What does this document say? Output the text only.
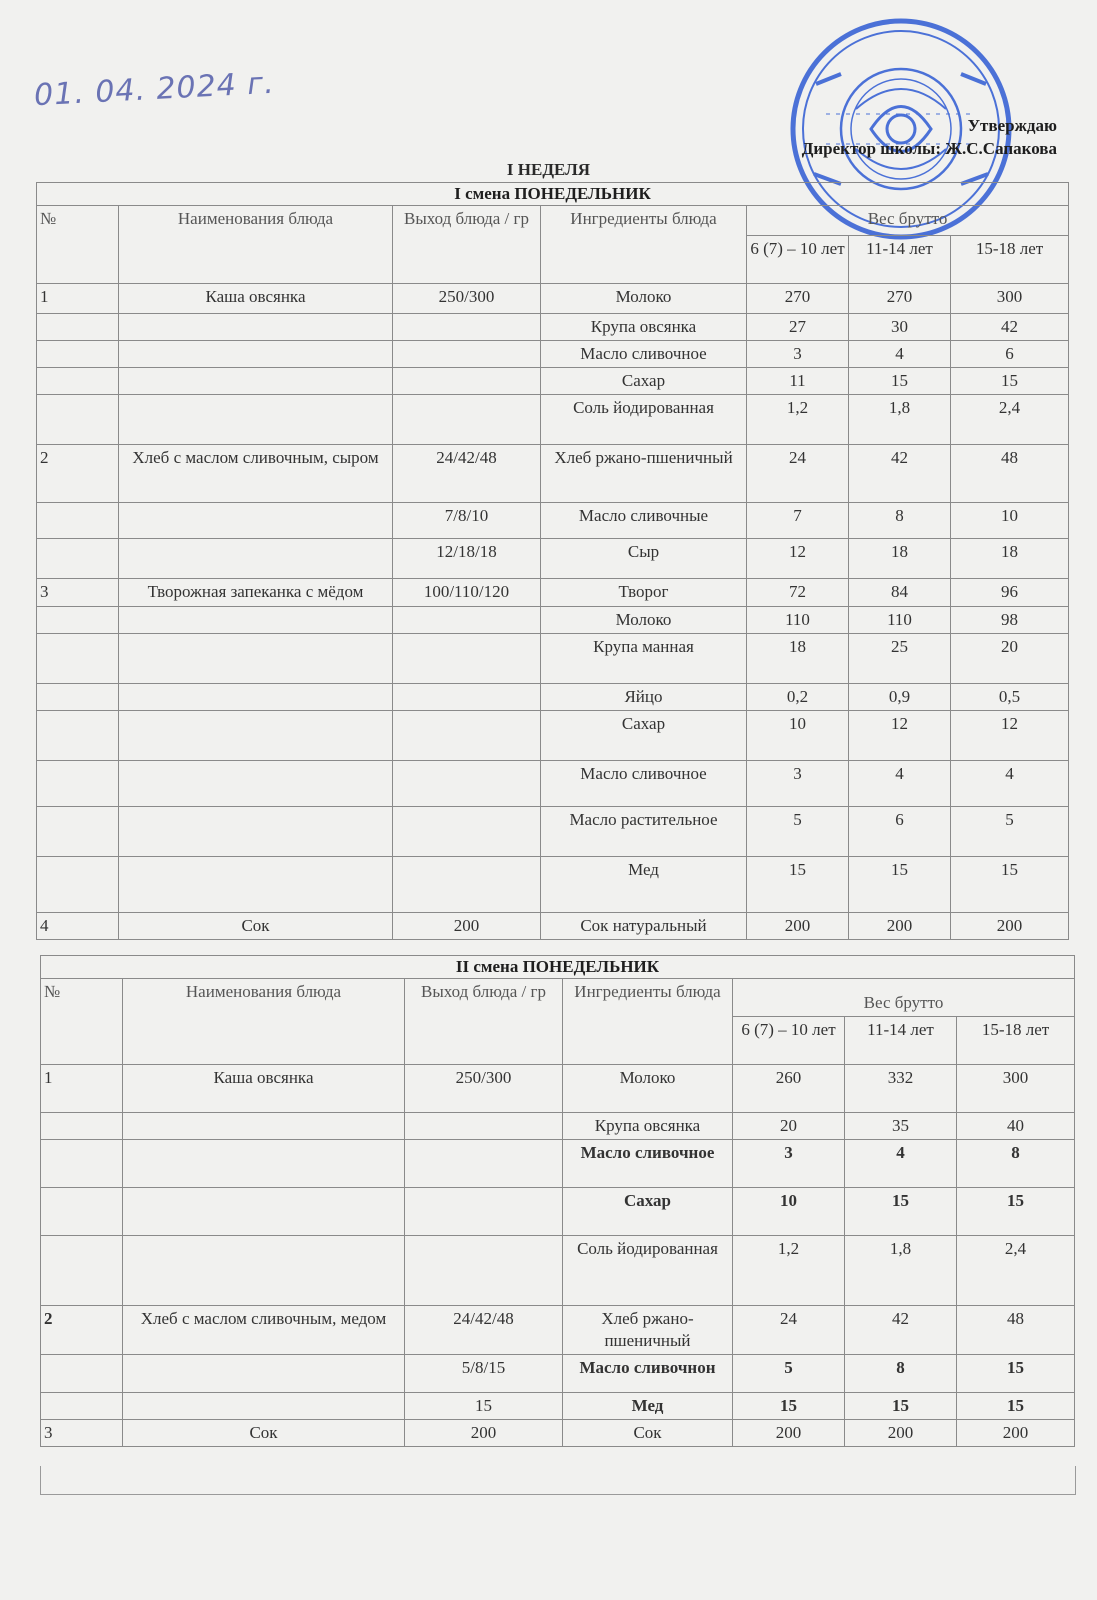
01. 04. 2024 г.
Утверждаю
Директор школы: Ж.С.Сапакова
I НЕДЕЛЯ
I смена ПОНЕДЕЛЬНИК						
№	Наименования блюда	Выход блюда / гр	Ингредиенты блюда	Вес брутто		
				6 (7) – 10 лет	11-14 лет	15-18 лет
1	Каша овсянка	250/300	Молоко	270	270	300
			Крупа овсянка	27	30	42
			Масло сливочное	3	4	6
			Сахар	11	15	15
			Соль йодированная	1,2	1,8	2,4
2	Хлеб с маслом сливочным, сыром	24/42/48	Хлеб ржано-пшеничный	24	42	48
		7/8/10	Масло сливочные	7	8	10
		12/18/18	Сыр	12	18	18
3	Творожная запеканка с мёдом	100/110/120	Творог	72	84	96
			Молоко	110	110	98
			Крупа манная	18	25	20
			Яйцо	0,2	0,9	0,5
			Сахар	10	12	12
			Масло сливочное	3	4	4
			Масло растительное	5	6	5
			Мед	15	15	15
4	Сок	200	Сок натуральный	200	200	200
II смена ПОНЕДЕЛЬНИК						
№	Наименования блюда	Выход блюда / гр	Ингредиенты блюда	Вес брутто		
				6 (7) – 10 лет	11-14 лет	15-18 лет
1	Каша овсянка	250/300	Молоко	260	332	300
			Крупа овсянка	20	35	40
			Масло сливочное	3	4	8
			Сахар	10	15	15
			Соль йодированная	1,2	1,8	2,4
2	Хлеб с маслом сливочным, медом	24/42/48	Хлеб ржано-пшеничный	24	42	48
		5/8/15	Масло сливочнон	5	8	15
		15	Мед	15	15	15
3	Сок	200	Сок	200	200	200
